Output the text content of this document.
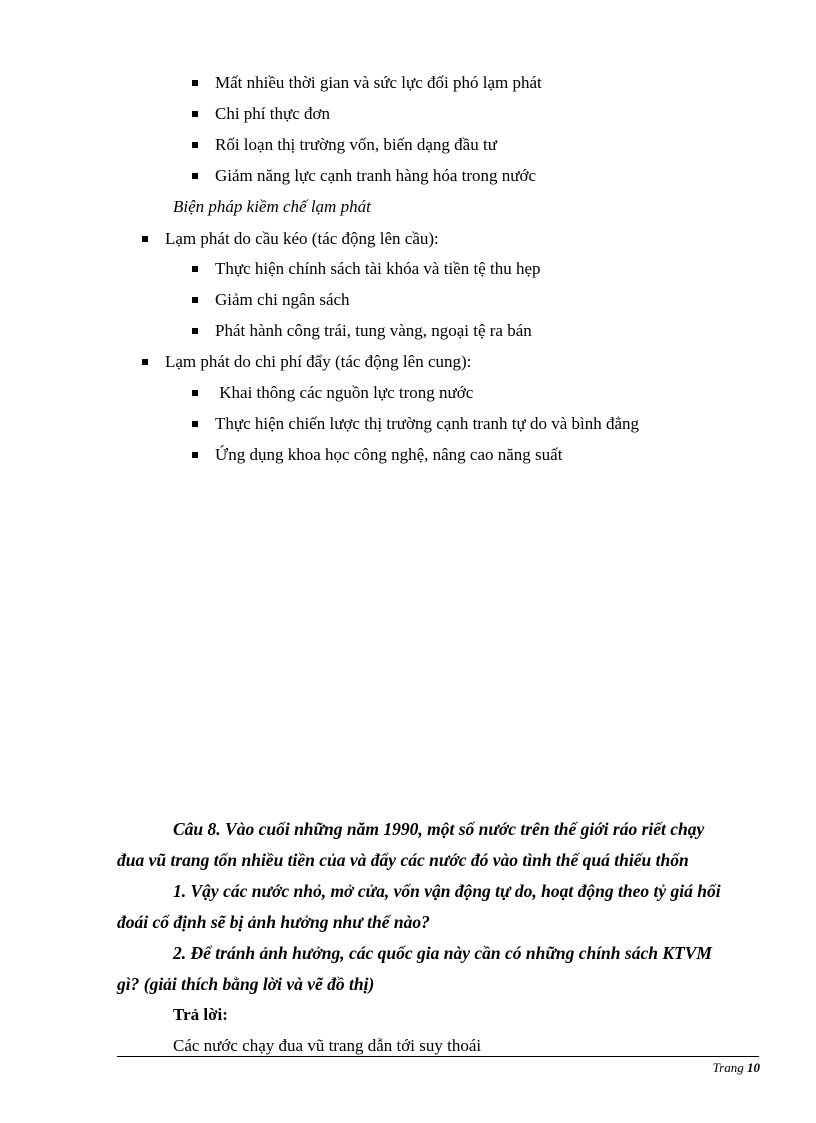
Mất nhiều thời gian và sức lực đối phó lạm phát
Chi phí thực đơn
Rối loạn thị trường vốn, biến dạng đầu tư
Giảm năng lực cạnh tranh hàng hóa trong nước
Biện pháp kiềm chế lạm phát
Lạm phát do cầu kéo (tác động lên cầu):
Thực hiện chính sách tài khóa và tiền tệ thu hẹp
Giảm chi ngân sách
Phát hành công trái, tung vàng, ngoại tệ ra bán
Lạm phát do chi phí đẩy (tác động lên cung):
Khai thông các nguồn lực trong nước
Thực hiện chiến lược thị trường cạnh tranh tự do và bình đẳng
Ứng dụng khoa học công nghệ, nâng cao năng suất
Câu 8. Vào cuối những năm 1990, một số nước trên thế giới ráo riết chạy
đua vũ trang tốn nhiều tiền của và đẩy các nước đó vào tình thế quá thiếu thốn
1. Vậy các nước nhỏ, mở cửa, vốn vận động tự do, hoạt động theo tỷ giá hối
đoái cố định sẽ bị ảnh hưởng như thế nào?
2. Để tránh ảnh hưởng, các quốc gia này cần có những chính sách KTVM
gì? (giải thích bằng lời và vẽ đồ thị)
Trả lời:
Các nước chạy đua vũ trang dẫn tới suy thoái
Trang 10
